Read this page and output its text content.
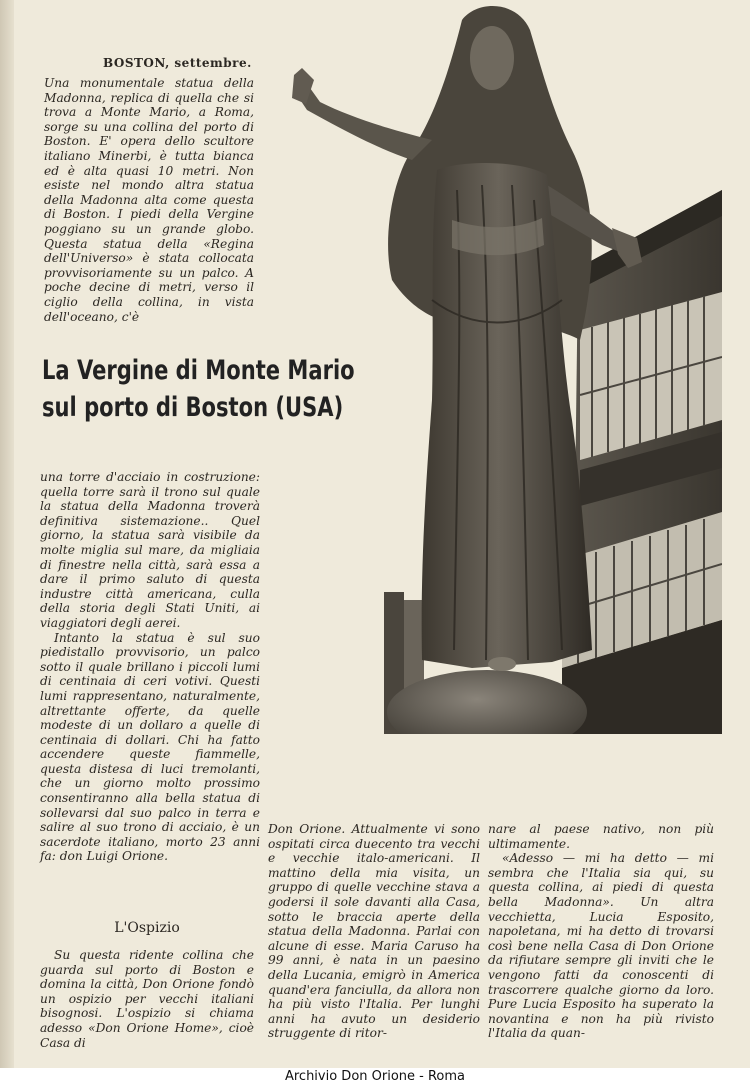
BOSTON, settembre.

Una monumentale statua della Madonna, replica di quella che si trova a Monte Mario, a Roma, sorge su una collina del porto di Boston. E' opera dello scultore italiano Minerbi, è tutta bianca ed è alta quasi 10 metri. Non esiste nel mondo altra statua della Madonna alta come questa di Boston. I piedi della Vergine poggiano su un grande globo. Questa statua della «Regina dell'Universo» è stata collocata provvisoriamente su un palco. A poche decine di metri, verso il ciglio della collina, in vista dell'oceano, c'è

La Vergine di Monte Mario
sul porto di Boston (USA)

una torre d'acciaio in costruzione: quella torre sarà il trono sul quale la statua della Madonna troverà definitiva sistemazione.. Quel giorno, la statua sarà visibile da molte miglia sul mare, da migliaia di finestre nella città, sarà essa a dare il primo saluto di questa industre città americana, culla della storia degli Stati Uniti, ai viaggiatori degli aerei.

Intanto la statua è sul suo piedistallo provvisorio, un palco sotto il quale brillano i piccoli lumi di centinaia di ceri votivi. Questi lumi rappresentano, naturalmente, altrettante offerte, da quelle modeste di un dollaro a quelle di centinaia di dollari. Chi ha fatto accendere queste fiammelle, questa distesa di luci tremolanti, che un giorno molto prossimo consentiranno alla bella statua di sollevarsi dal suo palco in terra e salire al suo trono di acciaio, è un sacerdote italiano, morto 23 anni fa: don Luigi Orione.

L'Ospizio

Su questa ridente collina che guarda sul porto di Boston e domina la città, Don Orione fondò un ospizio per vecchi italiani bisognosi. L'ospizio si chiama adesso «Don Orione Home», cioè Casa di

Don Orione. Attualmente vi sono ospitati circa duecento tra vecchi e vecchie italo-americani. Il mattino della mia visita, un gruppo di quelle vecchine stava a godersi il sole davanti alla Casa, sotto le braccia aperte della statua della Madonna. Parlai con alcune di esse. Maria Caruso ha 99 anni, è nata in un paesino della Lucania, emigrò in America quand'era fanciulla, da allora non ha più visto l'Italia. Per lunghi anni ha avuto un desiderio struggente di ritor-

nare al paese nativo, non più ultimamente.

«Adesso — mi ha detto — mi sembra che l'Italia sia qui, su questa collina, ai piedi di questa bella Madonna». Un altra vecchietta, Lucia Esposito, napoletana, mi ha detto di trovarsi così bene nella Casa di Don Orione da rifiutare sempre gli inviti che le vengono fatti da conoscenti di trascorrere qualche giorno da loro. Pure Lucia Esposito ha superato la novantina e non ha più rivisto l'Italia da quan-

Archivio Don Orione - Roma
